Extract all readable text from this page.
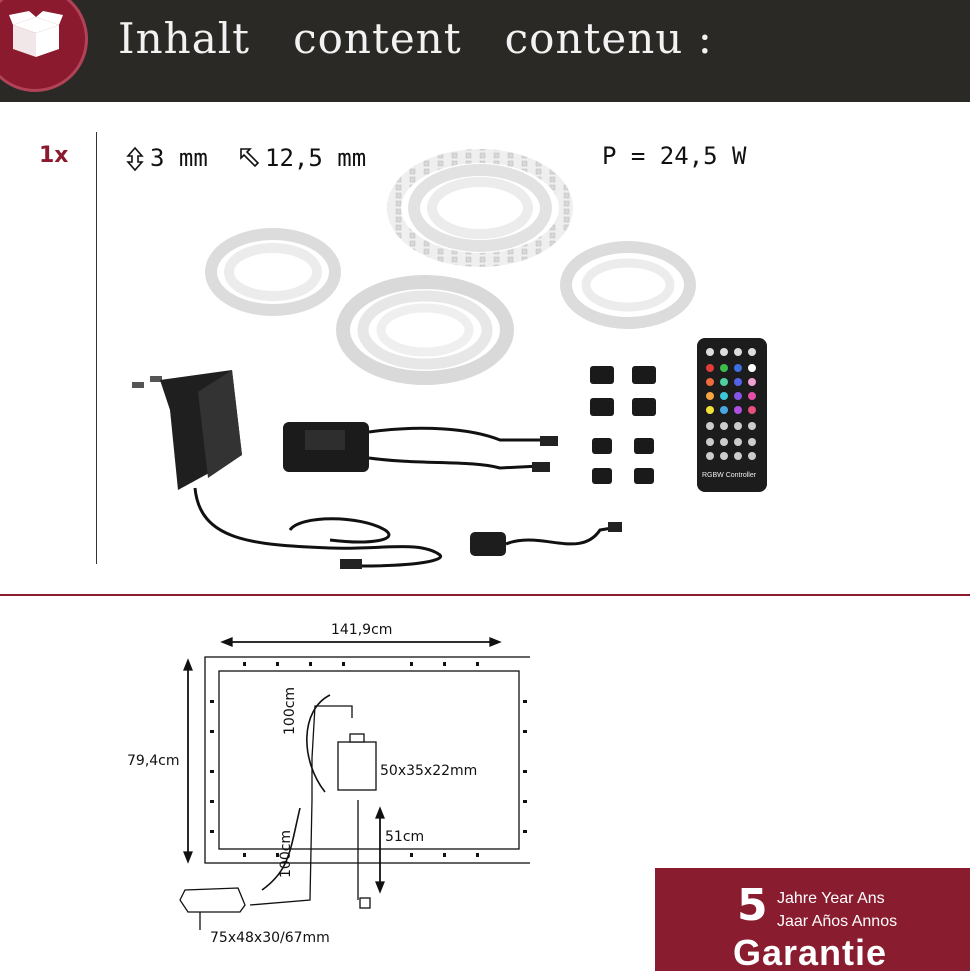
Inhalt   content   contenu :
1x	3 mm 12,5 mm	P = 24,5 W
RGBW Controller
141,9cm
79,4cm
100cm
100cm
50x35x22mm
51cm
75x48x30/67mm
5 Jahre Year Ans
Jaar Años Annos
Garantie
